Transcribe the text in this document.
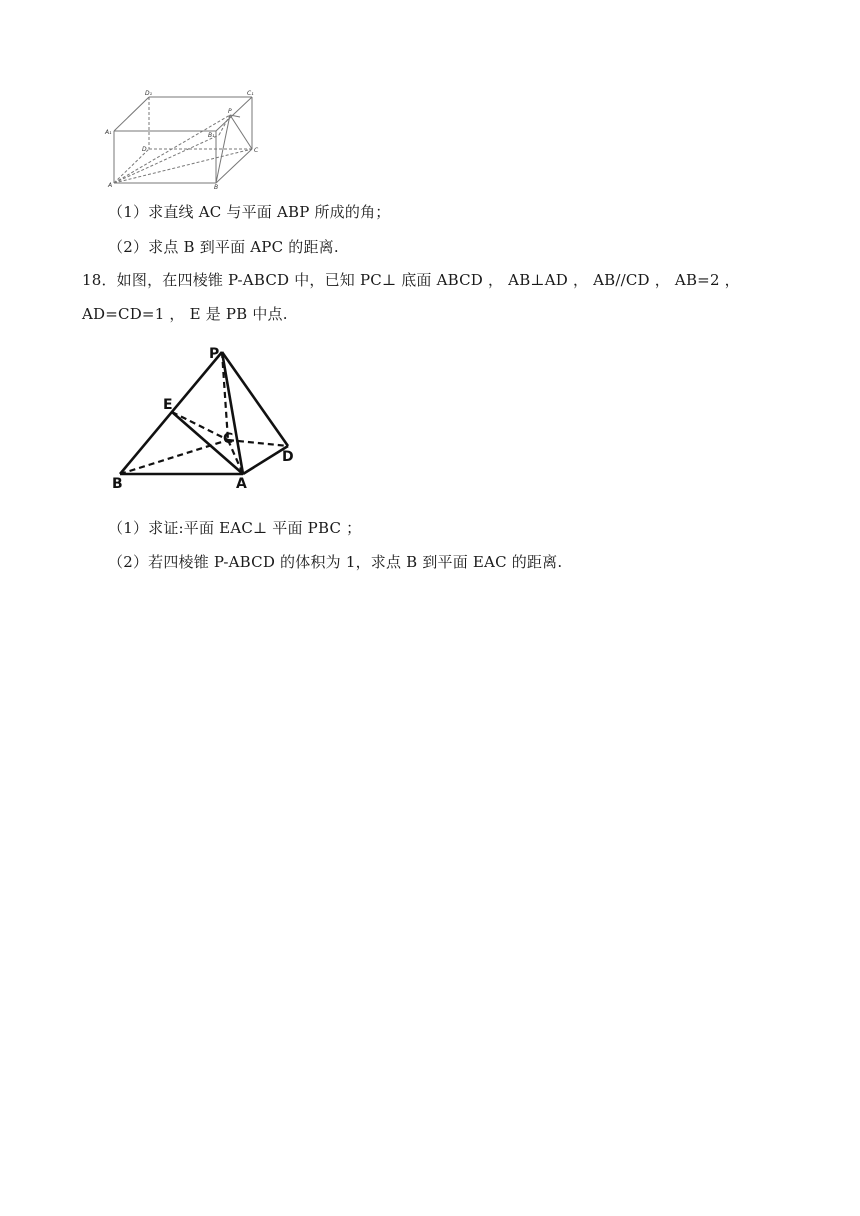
D₁	C₁
A₁
P
B₁
D	C
A	B
（1）求直线 AC 与平面 ABP 所成的角；
（2）求点 B 到平面 APC 的距离.
18．如图，在四棱锥 P-ABCD 中，已知 PC⊥ 底面 ABCD ， AB⊥AD ， AB//CD ， AB=2 ，
AD=CD=1 ， E 是 PB 中点.
P
E
C
D
B	A
（1）求证:平面 EAC⊥ 平面 PBC ；
（2）若四棱锥 P-ABCD 的体积为 1，求点 B 到平面 EAC 的距离.
